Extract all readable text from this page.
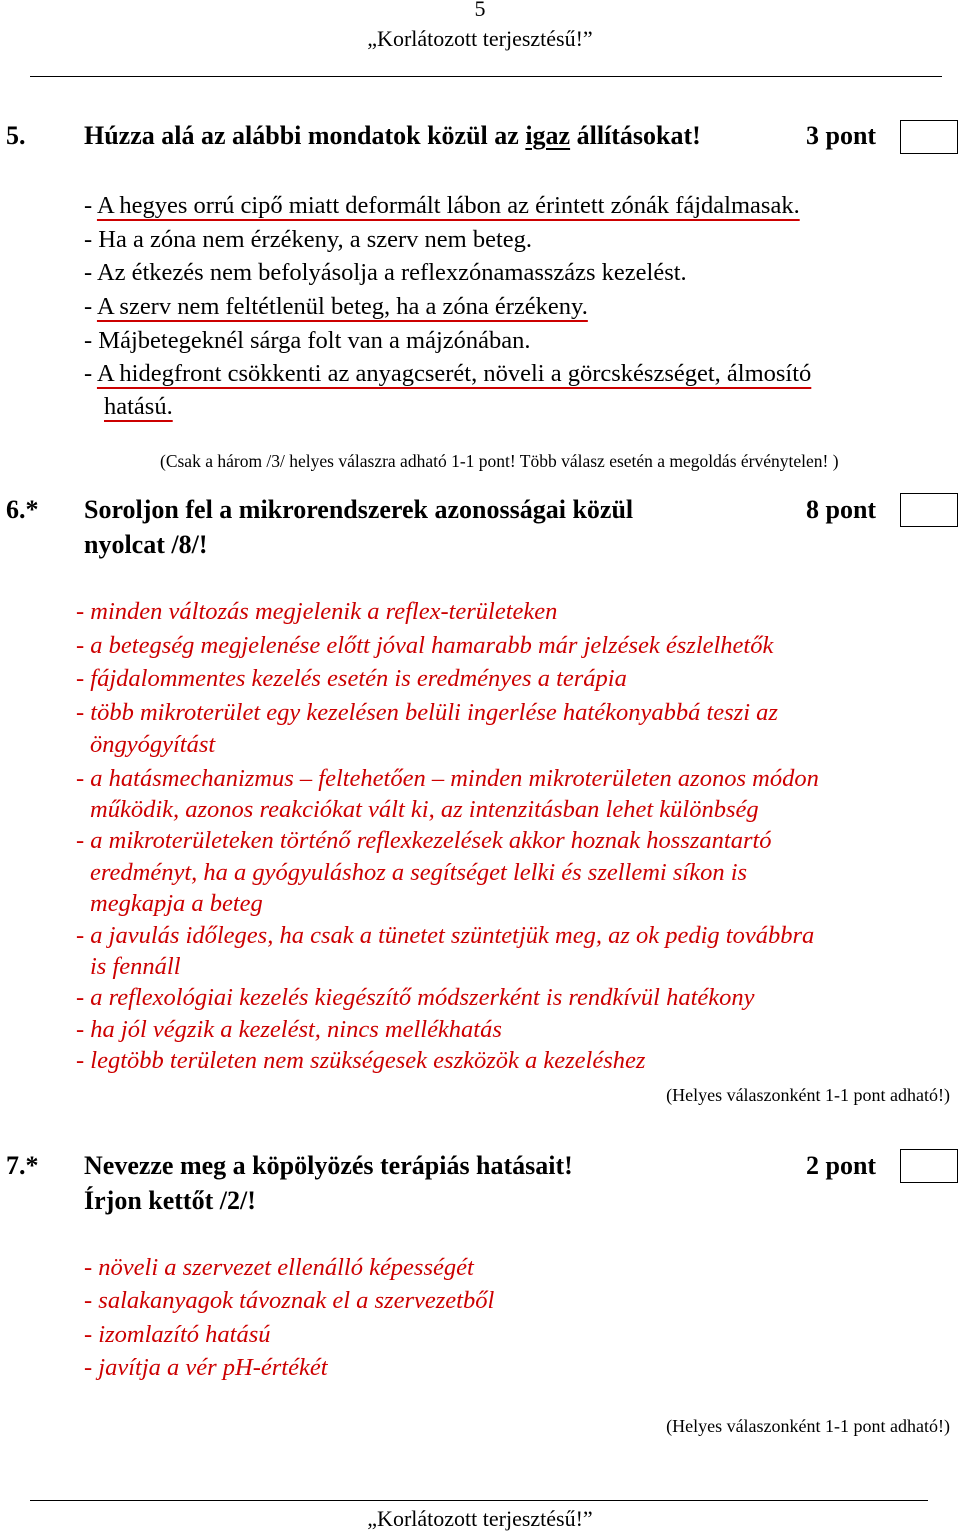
5
„Korlátozott terjesztésű!”
5. Húzza alá az alábbi mondatok közül az igaz állításokat!	3 pont
- A hegyes orrú cipő miatt deformált lábon az érintett zónák fájdalmasak.
- Ha a zóna nem érzékeny, a szerv nem beteg.
- Az étkezés nem befolyásolja a reflexzónamasszázs kezelést.
- A szerv nem feltétlenül beteg, ha a zóna érzékeny.
- Májbetegeknél sárga folt van a májzónában.
- A hidegfront csökkenti az anyagcserét, növeli a görcskészséget, álmosító
hatású.
(Csak a három /3/ helyes válaszra adható 1-1 pont! Több válasz esetén a megoldás érvénytelen! )
6.* Soroljon fel a mikrorendszerek azonosságai közül
nyolcat /8/!
8 pont
- minden változás megjelenik a reflex-területeken
- a betegség megjelenése előtt jóval hamarabb már jelzések észlelhetők
- fájdalommentes kezelés esetén is eredményes a terápia
- több mikroterület egy kezelésen belüli ingerlése hatékonyabbá teszi az
öngyógyítást
- a hatásmechanizmus – feltehetően – minden mikroterületen azonos módon
működik, azonos reakciókat vált ki, az intenzitásban lehet különbség
- a mikroterületeken történő reflexkezelések akkor hoznak hosszantartó
eredményt, ha a gyógyuláshoz a segítséget lelki és szellemi síkon is
megkapja a beteg
- a javulás időleges, ha csak a tünetet szüntetjük meg, az ok pedig továbbra
is fennáll
- a reflexológiai kezelés kiegészítő módszerként is rendkívül hatékony
- ha jól végzik a kezelést, nincs mellékhatás
- legtöbb területen nem szükségesek eszközök a kezeléshez
(Helyes válaszonként 1-1 pont adható!)
7.* Nevezze meg a köpölyözés terápiás hatásait!
Írjon kettőt /2/!
2 pont
- növeli a szervezet ellenálló képességét
- salakanyagok távoznak el a szervezetből
- izomlazító hatású
- javítja a vér pH-értékét
(Helyes válaszonként 1-1 pont adható!)
„Korlátozott terjesztésű!”
